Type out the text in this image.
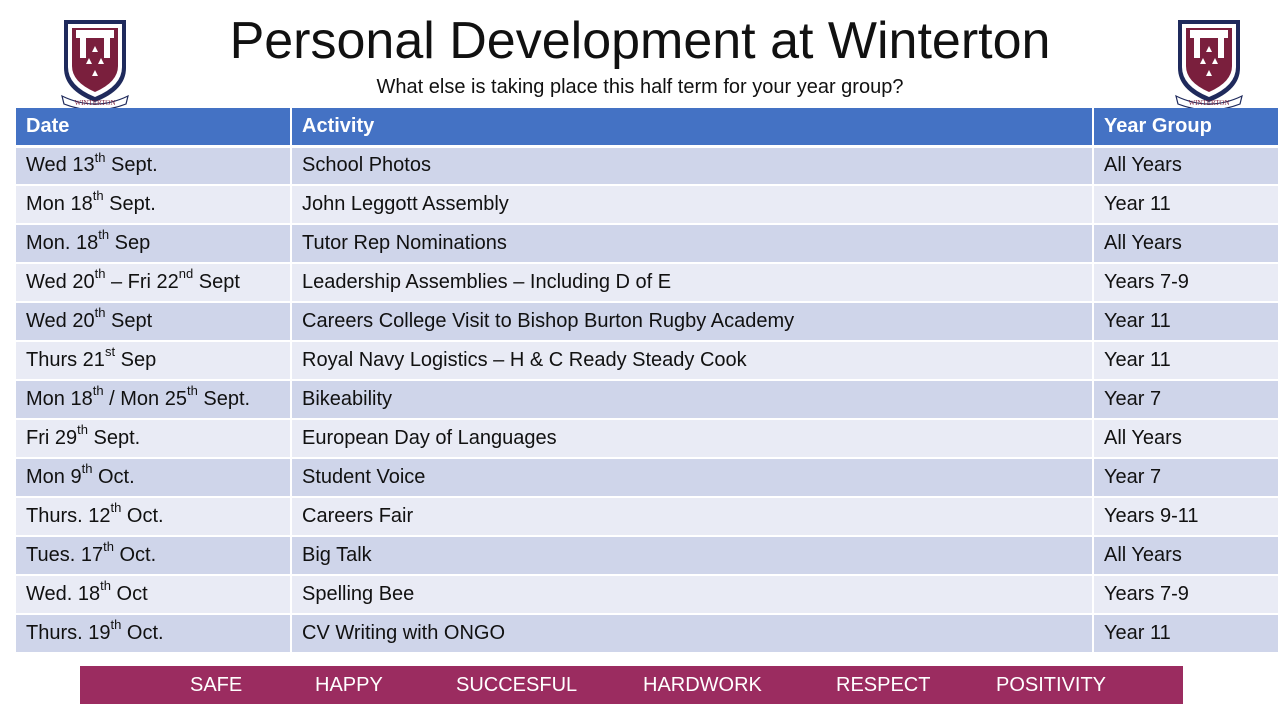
WINTERTON	WINTERTON
Personal Development at Winterton
What else is taking place this half term for your year group?
Date	Activity	Year Group
Wed 13th Sept.	School Photos	All Years
Mon 18th Sept.	John Leggott Assembly	Year 11
Mon. 18th Sep	Tutor Rep Nominations	All Years
Wed 20th – Fri 22nd Sept	Leadership Assemblies – Including D of E	Years 7-9
Wed 20th Sept	Careers College Visit to Bishop Burton Rugby Academy	Year 11
Thurs 21st Sep	Royal Navy Logistics – H & C Ready Steady Cook	Year 11
Mon 18th / Mon 25th Sept.	Bikeability	Year 7
Fri 29th Sept.	European Day of Languages	All Years
Mon 9th Oct.	Student Voice	Year 7
Thurs. 12th Oct.	Careers Fair	Years 9-11
Tues. 17th Oct.	Big Talk	All Years
Wed. 18th Oct	Spelling Bee	Years 7-9
Thurs. 19th Oct.	CV Writing with ONGO	Year 11
SAFE	HAPPY	SUCCESFUL	HARDWORK	RESPECT	POSITIVITY
